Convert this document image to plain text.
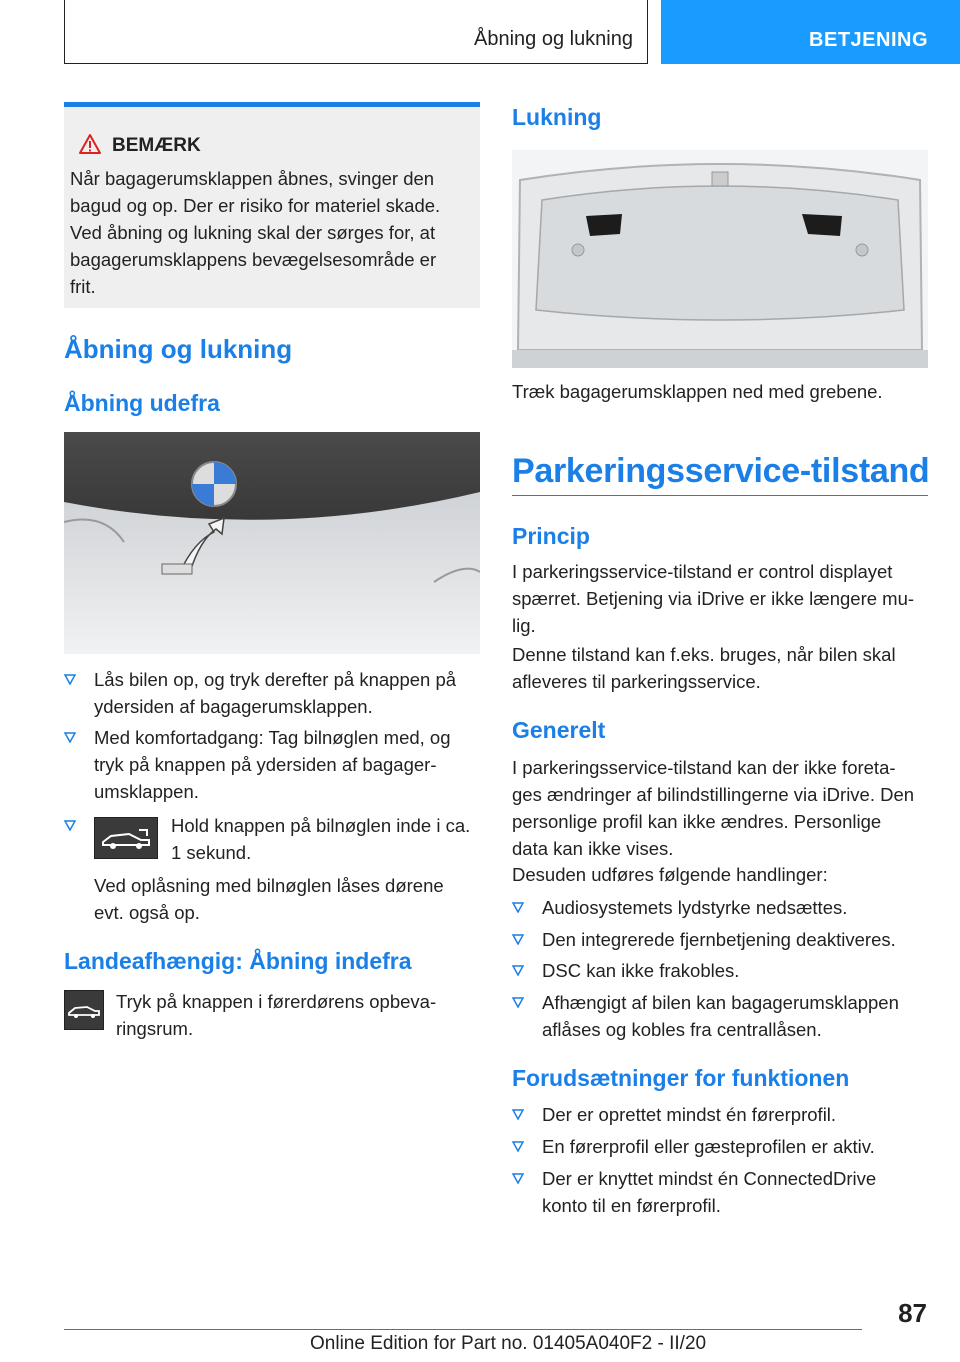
Åbning og lukning	BETJENING
BEMÆRK
Når bagagerumsklappen åbnes, svinger den
bagud og op. Der er risiko for materiel skade.
Ved åbning og lukning skal der sørges for, at
bagagerumsklappens bevægelsesområde er
frit.
Åbning og lukning
Åbning udefra
Lås bilen op, og tryk derefter på knappen på
ydersiden af bagagerumsklappen.
Med komfortadgang: Tag bilnøglen med, og
tryk på knappen på ydersiden af bagager-
umsklappen.
Hold knappen på bilnøglen inde i ca.
1 sekund.
Ved oplåsning med bilnøglen låses dørene
evt. også op.
Landeafhængig: Åbning indefra
Tryk på knappen i førerdørens opbeva-
ringsrum.
Lukning
Træk bagagerumsklappen ned med grebene.
Parkeringsservice-tilstand
Princip
I parkeringsservice-tilstand er control displayet
spærret. Betjening via iDrive er ikke længere mu-
lig.
Denne tilstand kan f.eks. bruges, når bilen skal
afleveres til parkeringsservice.
Generelt
I parkeringsservice-tilstand kan der ikke foreta-
ges ændringer af bilindstillingerne via iDrive. Den
personlige profil kan ikke ændres. Personlige
data kan ikke vises.
Desuden udføres følgende handlinger:
Audiosystemets lydstyrke nedsættes.
Den integrerede fjernbetjening deaktiveres.
DSC kan ikke frakobles.
Afhængigt af bilen kan bagagerumsklappen
aflåses og kobles fra centrallåsen.
Forudsætninger for funktionen
Der er oprettet mindst én førerprofil.
En førerprofil eller gæsteprofilen er aktiv.
Der er knyttet mindst én ConnectedDrive
konto til en førerprofil.
87
Online Edition for Part no. 01405A040F2 - II/20
